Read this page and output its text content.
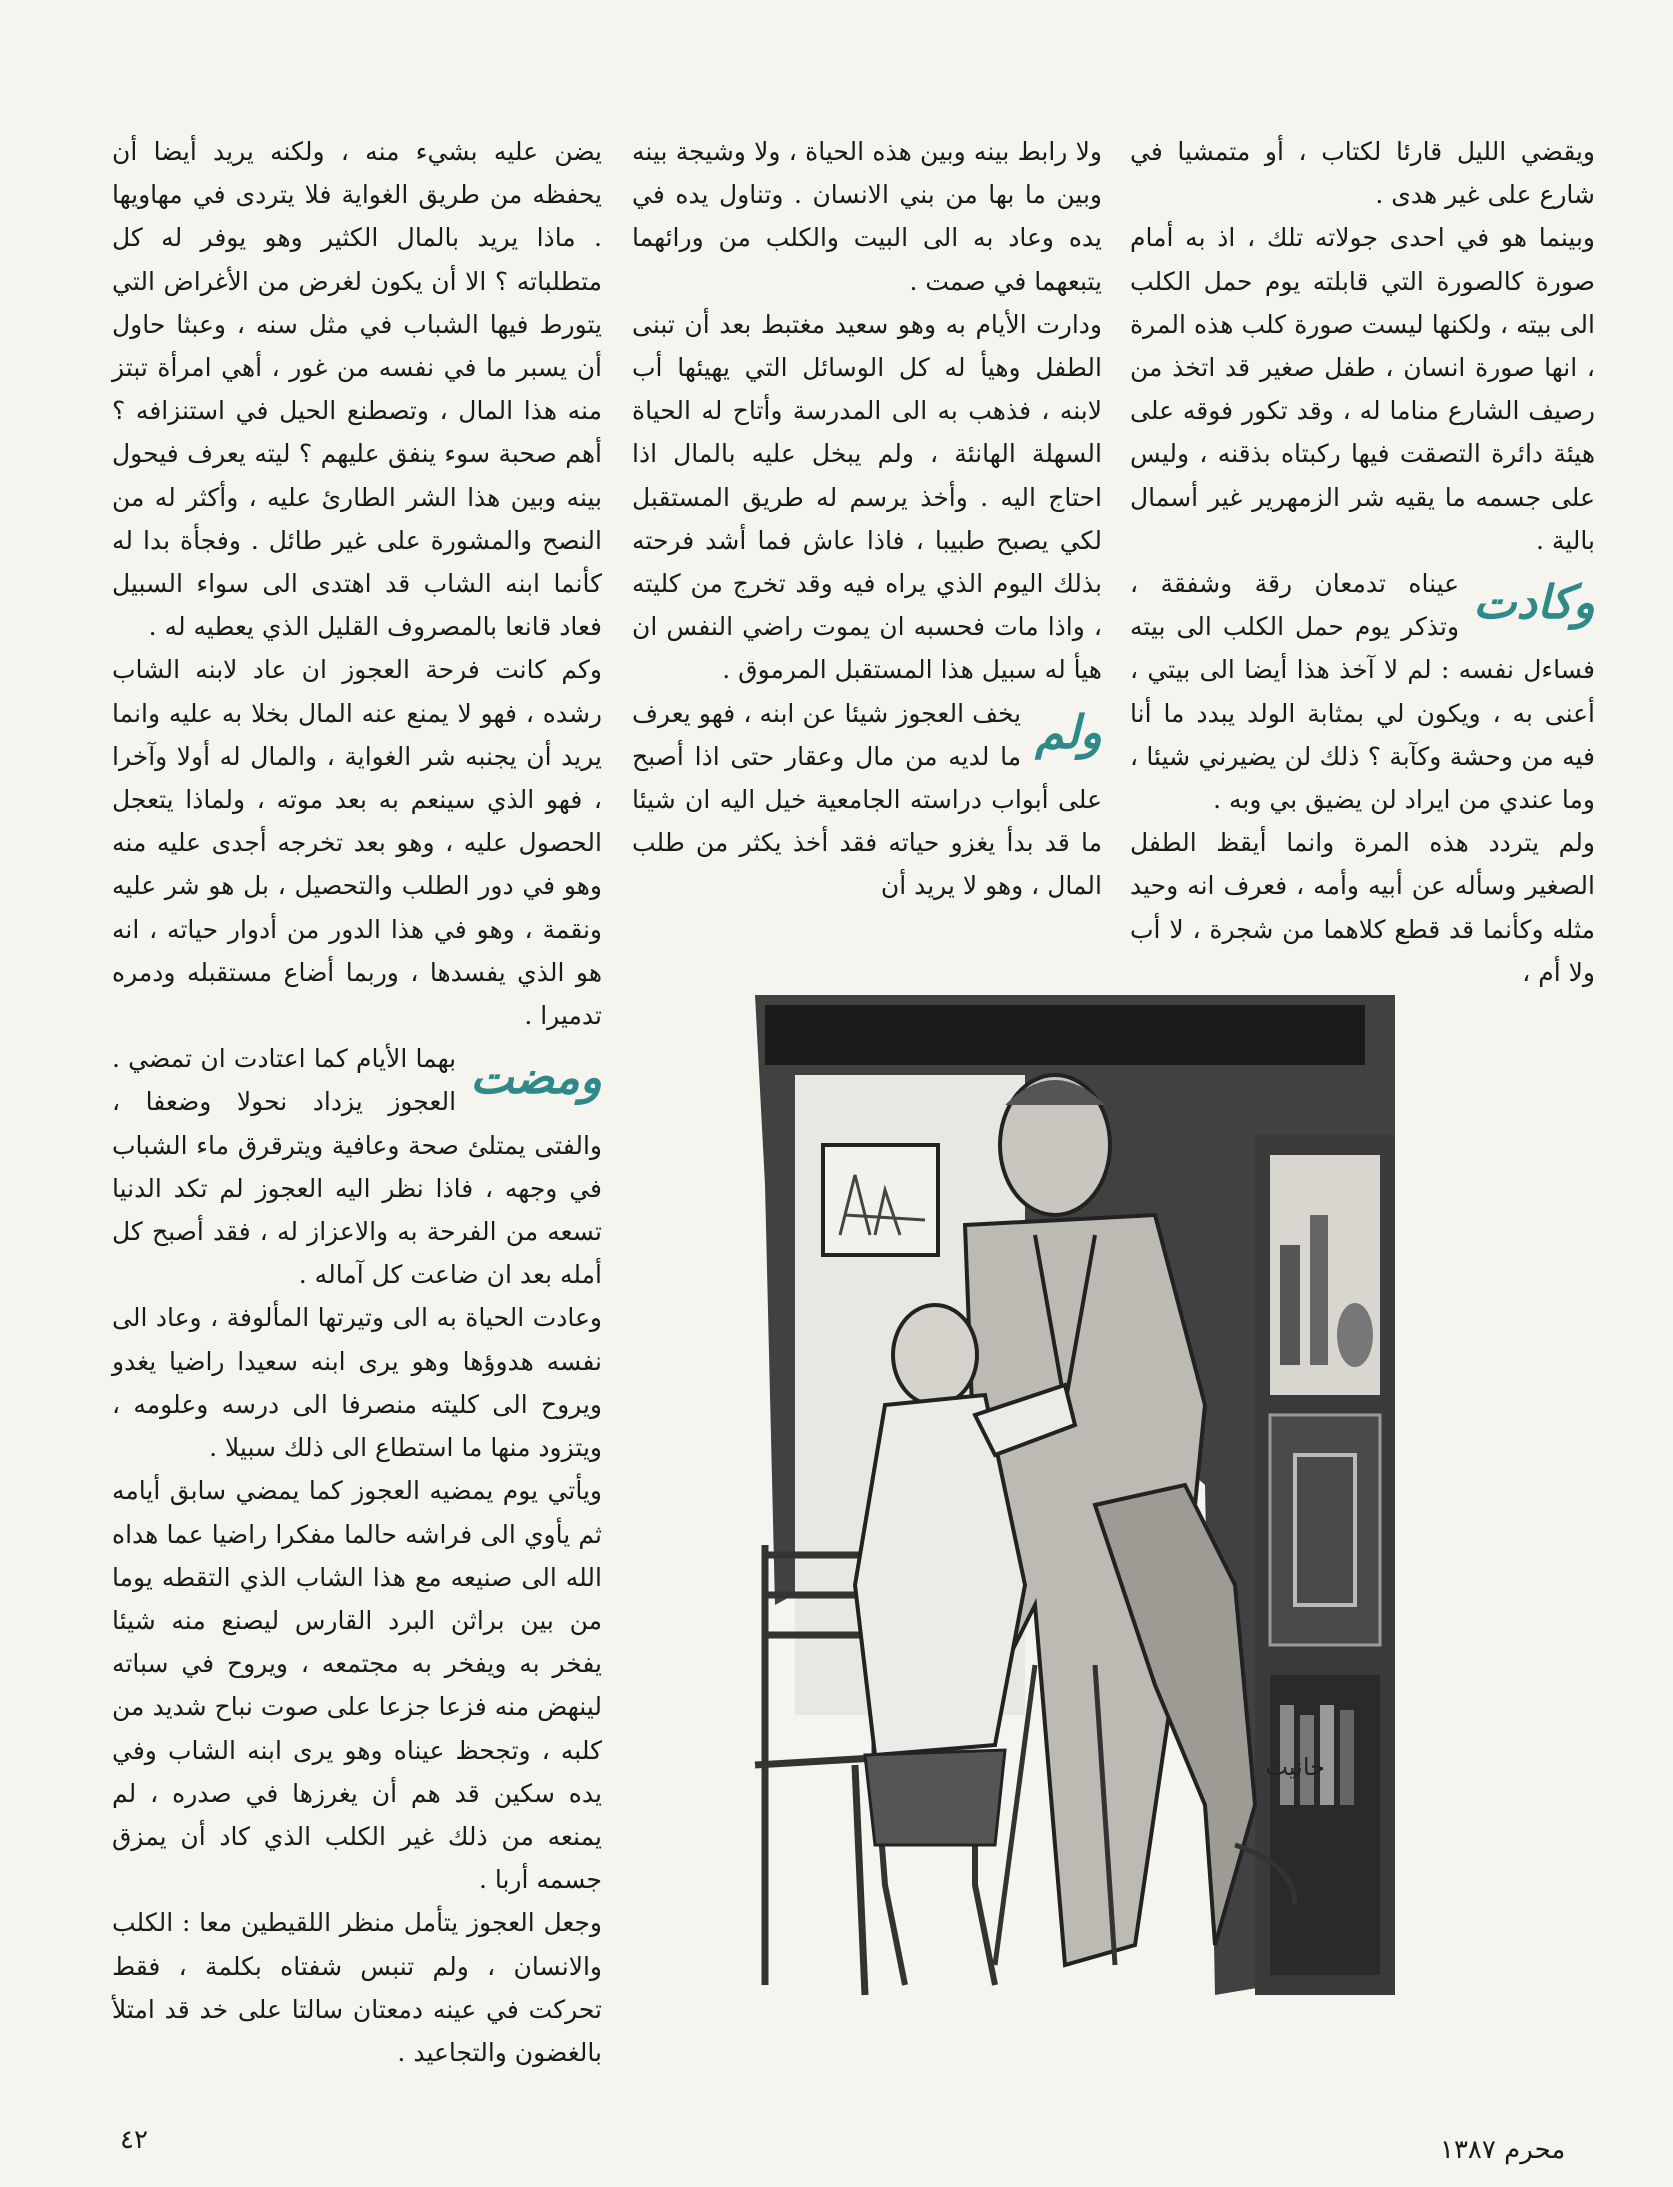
ويقضي الليل قارئا لكتاب ، أو متمشيا في شارع على غير هدى .

وبينما هو في احدى جولاته تلك ، اذ به أمام صورة كالصورة التي قابلته يوم حمل الكلب الى بيته ، ولكنها ليست صورة كلب هذه المرة ، انها صورة انسان ، طفل صغير قد اتخذ من رصيف الشارع مناما له ، وقد تكور فوقه على هيئة دائرة التصقت فيها ركبتاه بذقنه ، وليس على جسمه ما يقيه شر الزمهرير غير أسمال بالية .

وكادت
عيناه تدمعان رقة وشفقة ، وتذكر يوم حمل الكلب الى بيته فساءل نفسه : لم لا آخذ هذا أيضا الى بيتي ، أعنى به ، ويكون لي بمثابة الولد يبدد ما أنا فيه من وحشة وكآبة ؟ ذلك لن يضيرني شيئا ، وما عندي من ايراد لن يضيق بي وبه .

ولم يتردد هذه المرة وانما أيقظ الطفل الصغير وسأله عن أبيه وأمه ، فعرف انه وحيد مثله وكأنما قد قطع كلاهما من شجرة ، لا أب ولا أم ،

ولا رابط بينه وبين هذه الحياة ، ولا وشيجة بينه وبين ما بها من بني الانسان . وتناول يده في يده وعاد به الى البيت والكلب من ورائهما يتبعهما في صمت .

ودارت الأيام به وهو سعيد مغتبط بعد أن تبنى الطفل وهيأ له كل الوسائل التي يهيئها أب لابنه ، فذهب به الى المدرسة وأتاح له الحياة السهلة الهانئة ، ولم يبخل عليه بالمال اذا احتاج اليه . وأخذ يرسم له طريق المستقبل لكي يصبح طبيبا ، فاذا عاش فما أشد فرحته بذلك اليوم الذي يراه فيه وقد تخرج من كليته ، واذا مات فحسبه ان يموت راضي النفس ان هيأ له سبيل هذا المستقبل المرموق .

ولم
يخف العجوز شيئا عن ابنه ، فهو يعرف ما لديه من مال وعقار حتى اذا أصبح على أبواب دراسته الجامعية خيل اليه ان شيئا ما قد بدأ يغزو حياته فقد أخذ يكثر من طلب المال ، وهو لا يريد أن

يضن عليه بشيء منه ، ولكنه يريد أيضا أن يحفظه من طريق الغواية فلا يتردى في مهاويها . ماذا يريد بالمال الكثير وهو يوفر له كل متطلباته ؟ الا أن يكون لغرض من الأغراض التي يتورط فيها الشباب في مثل سنه ، وعبثا حاول أن يسبر ما في نفسه من غور ، أهي امرأة تبتز منه هذا المال ، وتصطنع الحيل في استنزافه ؟ أهم صحبة سوء ينفق عليهم ؟ ليته يعرف فيحول بينه وبين هذا الشر الطارئ عليه ، وأكثر له من النصح والمشورة على غير طائل . وفجأة بدا له كأنما ابنه الشاب قد اهتدى الى سواء السبيل فعاد قانعا بالمصروف القليل الذي يعطيه له .

وكم كانت فرحة العجوز ان عاد لابنه الشاب رشده ، فهو لا يمنع عنه المال بخلا به عليه وانما يريد أن يجنبه شر الغواية ، والمال له أولا وآخرا ، فهو الذي سينعم به بعد موته ، ولماذا يتعجل الحصول عليه ، وهو بعد تخرجه أجدى عليه منه وهو في دور الطلب والتحصيل ، بل هو شر عليه ونقمة ، وهو في هذا الدور من أدوار حياته ، انه هو الذي يفسدها ، وربما أضاع مستقبله ودمره تدميرا .

ومضت
بهما الأيام كما اعتادت ان تمضي . العجوز يزداد نحولا وضعفا ، والفتى يمتلئ صحة وعافية ويترقرق ماء الشباب في وجهه ، فاذا نظر اليه العجوز لم تكد الدنيا تسعه من الفرحة به والاعزاز له ، فقد أصبح كل أمله بعد ان ضاعت كل آماله .

وعادت الحياة به الى وتيرتها المألوفة ، وعاد الى نفسه هدوؤها وهو يرى ابنه سعيدا راضيا يغدو ويروح الى كليته منصرفا الى درسه وعلومه ، ويتزود منها ما استطاع الى ذلك سبيلا .

ويأتي يوم يمضيه العجوز كما يمضي سابق أيامه ثم يأوي الى فراشه حالما مفكرا راضيا عما هداه الله الى صنيعه مع هذا الشاب الذي التقطه يوما من بين براثن البرد القارس ليصنع منه شيئا يفخر به ويفخر به مجتمعه ، ويروح في سباته لينهض منه فزعا جزعا على صوت نباح شديد من كلبه ، وتجحظ عيناه وهو يرى ابنه الشاب وفي يده سكين قد هم أن يغرزها في صدره ، لم يمنعه من ذلك غير الكلب الذي كاد أن يمزق جسمه أربا .

وجعل العجوز يتأمل منظر اللقيطين معا : الكلب والانسان ، ولم تنبس شفتاه بكلمة ، فقط تحركت في عينه دمعتان سالتا على خد قد امتلأ بالغضون والتجاعيد .

جانيت
٤٢	محرم ١٣٨٧
